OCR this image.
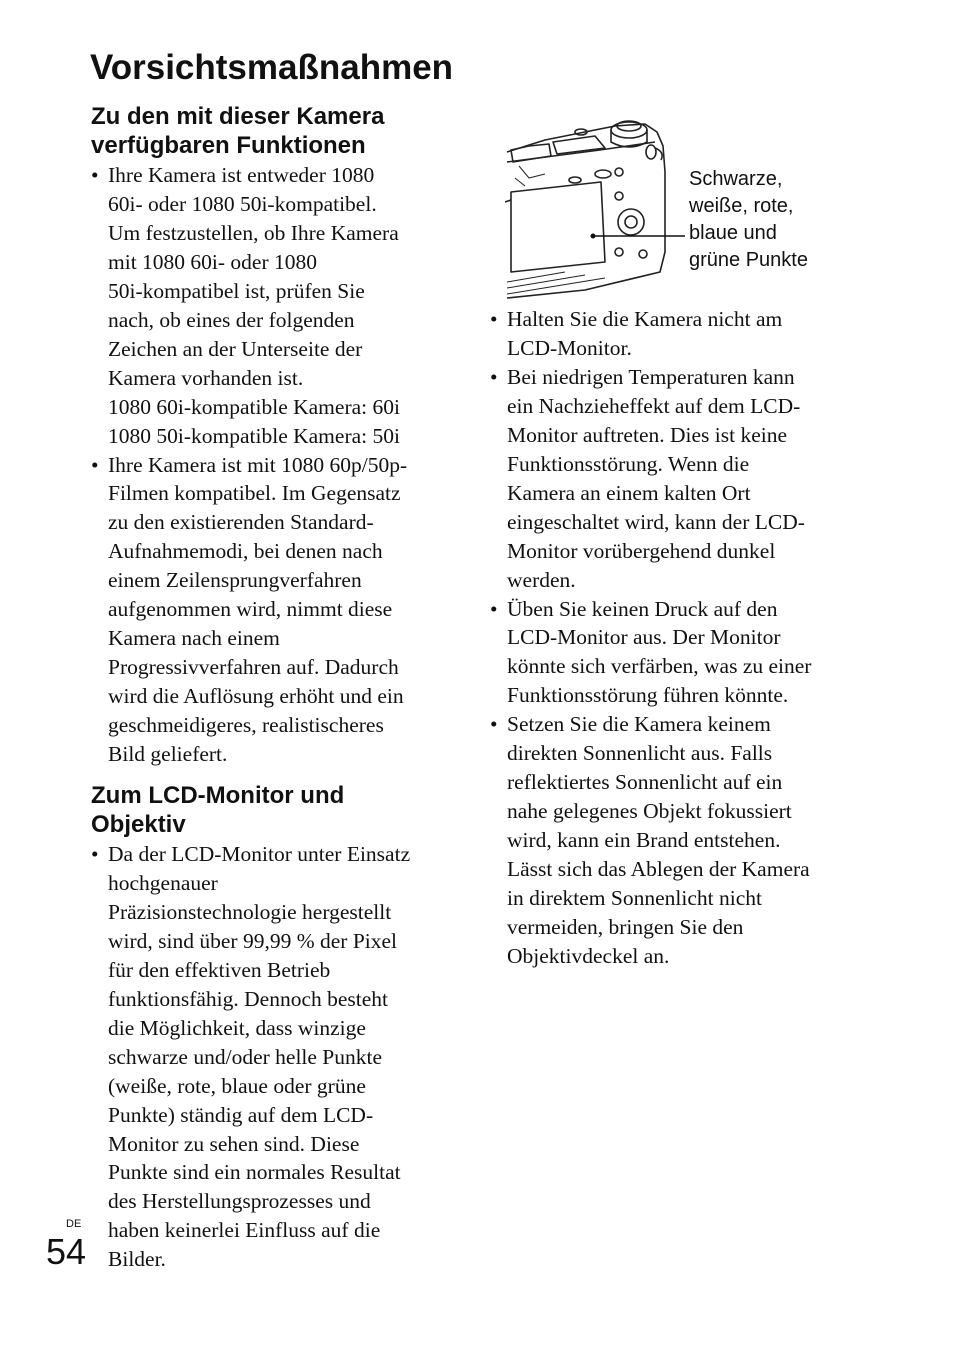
Vorsichtsmaßnahmen
Zu den mit dieser Kamera
verfügbaren Funktionen
• Ihre Kamera ist entweder 1080
60i- oder 1080 50i-kompatibel.
Um festzustellen, ob Ihre Kamera
mit 1080 60i- oder 1080
50i-kompatibel ist, prüfen Sie
nach, ob eines der folgenden
Zeichen an der Unterseite der
Kamera vorhanden ist.
1080 60i-kompatible Kamera: 60i
1080 50i-kompatible Kamera: 50i
• Ihre Kamera ist mit 1080 60p/50p-
Filmen kompatibel. Im Gegensatz
zu den existierenden Standard-
Aufnahmemodi, bei denen nach
einem Zeilensprungverfahren
aufgenommen wird, nimmt diese
Kamera nach einem
Progressivverfahren auf. Dadurch
wird die Auflösung erhöht und ein
geschmeidigeres, realistischeres
Bild geliefert.
Zum LCD-Monitor und
Objektiv
• Da der LCD-Monitor unter Einsatz
hochgenauer
Präzisionstechnologie hergestellt
wird, sind über 99,99 % der Pixel
für den effektiven Betrieb
funktionsfähig. Dennoch besteht
die Möglichkeit, dass winzige
schwarze und/oder helle Punkte
(weiße, rote, blaue oder grüne
Punkte) ständig auf dem LCD-
Monitor zu sehen sind. Diese
Punkte sind ein normales Resultat
des Herstellungsprozesses und
haben keinerlei Einfluss auf die
Bilder.
Schwarze,
weiße, rote,
blaue und
grüne Punkte
• Halten Sie die Kamera nicht am
LCD-Monitor.
• Bei niedrigen Temperaturen kann
ein Nachzieheffekt auf dem LCD-
Monitor auftreten. Dies ist keine
Funktionsstörung. Wenn die
Kamera an einem kalten Ort
eingeschaltet wird, kann der LCD-
Monitor vorübergehend dunkel
werden.
• Üben Sie keinen Druck auf den
LCD-Monitor aus. Der Monitor
könnte sich verfärben, was zu einer
Funktionsstörung führen könnte.
• Setzen Sie die Kamera keinem
direkten Sonnenlicht aus. Falls
reflektiertes Sonnenlicht auf ein
nahe gelegenes Objekt fokussiert
wird, kann ein Brand entstehen.
Lässt sich das Ablegen der Kamera
in direktem Sonnenlicht nicht
vermeiden, bringen Sie den
Objektivdeckel an.
DE
54
